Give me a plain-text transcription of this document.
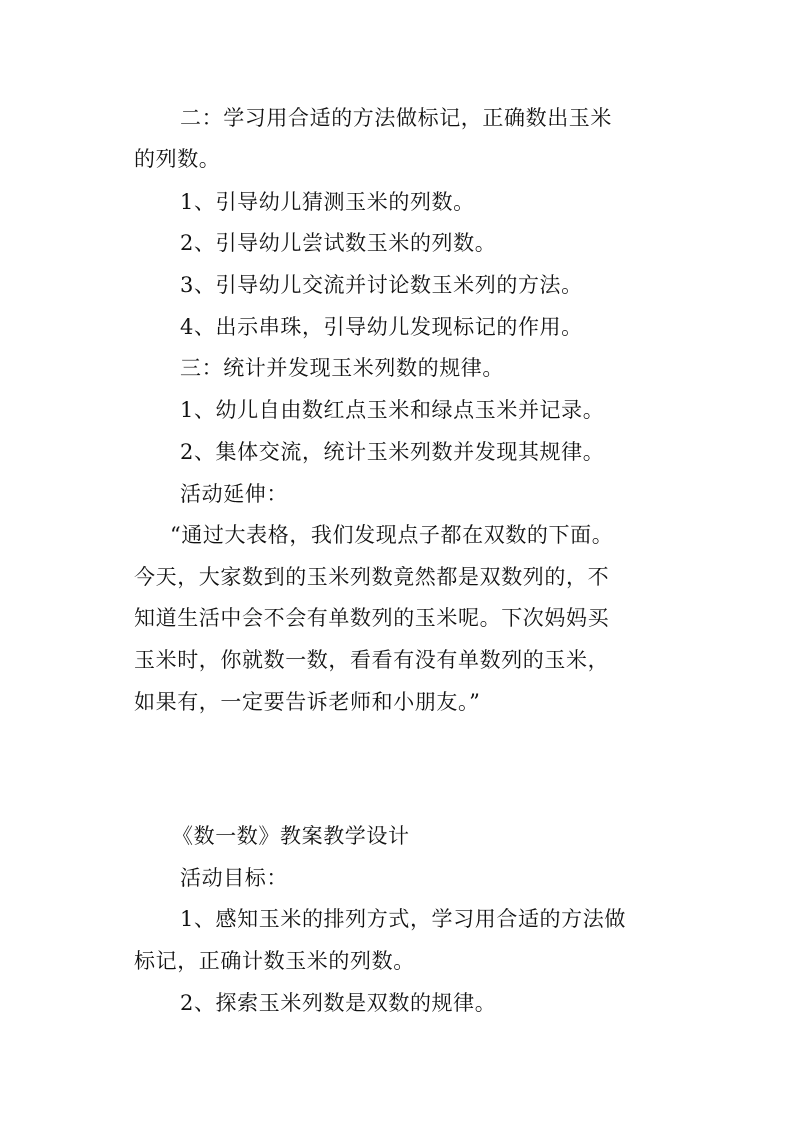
二：学习用合适的方法做标记，正确数出玉米

的列数。

1、引导幼儿猜测玉米的列数。

2、引导幼儿尝试数玉米的列数。

3、引导幼儿交流并讨论数玉米列的方法。

4、出示串珠，引导幼儿发现标记的作用。

三：统计并发现玉米列数的规律。

1、幼儿自由数红点玉米和绿点玉米并记录。

2、集体交流，统计玉米列数并发现其规律。

活动延伸：

“通过大表格，我们发现点子都在双数的下面。

今天，大家数到的玉米列数竟然都是双数列的，不

知道生活中会不会有单数列的玉米呢。下次妈妈买

玉米时，你就数一数，看看有没有单数列的玉米，

如果有，一定要告诉老师和小朋友。”

《数一数》教案教学设计

活动目标：

1、感知玉米的排列方式，学习用合适的方法做

标记，正确计数玉米的列数。

2、探索玉米列数是双数的规律。
